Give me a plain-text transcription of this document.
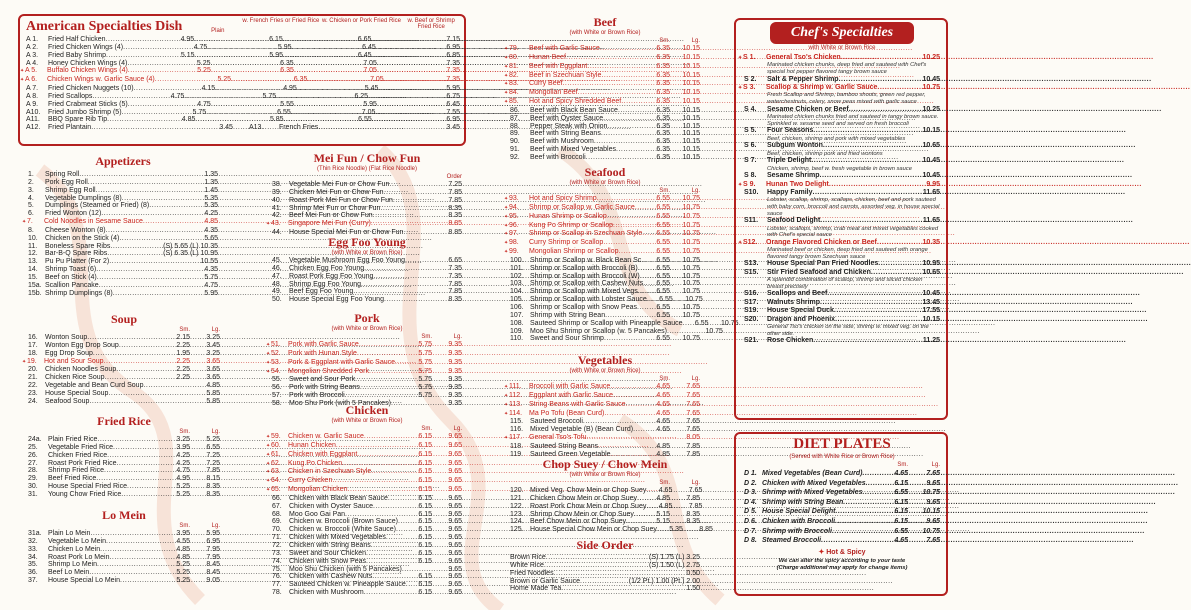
American Specialties Dish	Plain
w. French Fries or Fried Rice w. Chicken or Pork Fried Rice	w. Beef or Shrimp Fried Rice
A 1.	Fried Half Chicken .....	4.95 .....	6.15 .....	6.65 .....	7.15
A 2.	Fried Chicken Wings (4) .....	4.75 .....	5.95 .....	6.45 .....	6.95
A 3.	Fried Baby Shrimp .....	5.15 .....	5.95 .....	6.45 .....	6.85
A 4.	Honey Chicken Wings (4) .....	5.25 .....	6.35 .....	7.05 .....	7.35
✦ A 5.	Buffalo Chicken Wings (4) .....	5.25 .....	6.35 .....	7.05 .....	7.35
✦ A 6.	Chicken Wings w. Garlic Sauce (4) .....	5.25 .....	6.35 .....	7.05 .....	7.35
A 7.	Fried Chicken Nuggets (10) .....	4.15 .....	4.95 .....	5.45 .....	5.95
A 8.	Fried Scallops .....	4.75 .....	5.75 .....	6.25 .....	6.75
A 9.	Fried Crabmeat Sticks (5) .....	4.75 .....	5.55 .....	5.95 .....	6.45
A10.	Fried Jumbo Shrimp (5) .....	5.75 .....	6.55 .....	7.05 .....	7.55
A11.	BBQ Spare Rib Tip .....	4.85 .....	5.85 .....	6.55 .....	6.95
A12.	Fried Plantain .....	3.45 A13.	French Fries .....	3.45
Appetizers
1.	Spring Roll .....	1.35
2.	Pork Egg Roll .....	1.35
3.	Shrimp Egg Roll .....	1.45
4.	Vegetable Dumplings (8) .....	5.35
5.	Dumplings (Steamed or Fried) (8) .....	5.35
6.	Fried Wonton (12) .....	4.25
✦ 7.	Cold Noodles in Sesame Sauce .....	4.85
8.	Cheese Wonton (8) .....	4.35
10.	Chicken on the Stick (4) .....	5.65
11.	Boneless Spare Ribs .....	(S) 5.65 (L) 10.35
12.	Bar-B-Q Spare Ribs .....	(S) 6.35 (L) 10.95
13.	Pu Pu Platter (For 2) .....	10.55
14.	Shrimp Toast (6) .....	4.35
15.	Beef on Stick (4) .....	5.75
15a. Scallion Pancake .....	4.75
15b. Shrimp Dumplings (8) .....	5.95
Soup
Sm.	Lg.
16.	Wonton Soup .....	2.15	3.25
17.	Wonton Egg Drop Soup .....	2.25	3.45
18.	Egg Drop Soup .....	1.95	3.25
✦ 19.	Hot and Sour Soup .....	2.25	3.65
20.	Chicken Noodles Soup .....	2.25	3.65
21.	Chicken Rice Soup .....	2.25	3.65
22.	Vegetable and Bean Curd Soup .....	4.85
23.	House Special Soup .....	5.85
24.	Seafood Soup .....	5.85
Fried Rice
Sm.	Lg.
24a. Plain Fried Rice .....	3.25	5.25
25.	Vegetable Fried Rice .....	3.95	6.55
26.	Chicken Fried Rice .....	4.25	7.25
27.	Roast Pork Fried Rice .....	4.25	7.25
28.	Shrimp Fried Rice .....	4.75	7.85
29.	Beef Fried Rice .....	4.95	8.15
30.	House Special Fried Rice .....	5.25	8.35
31.	Young Chow Fried Rice .....	5.25	8.35
Lo Mein
Sm.	Lg.
31a. Plain Lo Mein .....	3.95	5.95
32.	Vegetable Lo Mein .....	4.55	6.95
33.	Chicken Lo Mein .....	4.85	7.95
34.	Roast Pork Lo Mein .....	4.85	7.95
35.	Shrimp Lo Mein .....	5.25	8.45
36.	Beef Lo Mein .....	5.25	8.45
37.	House Special Lo Mein .....	5.25	9.05
Mei Fun / Chow Fun
(Thin Rice Noodle) (Flat Rice Noodle)
Order
38.	Vegetable Mei Fun or Chow Fun .....	7.25
39.	Chicken Mei Fun or Chow Fun .....	7.85
40.	Roast Pork Mei Fun or Chow Fun .....	7.85
41.	Shrimp Mei Fun or Chow Fun .....	8.35
42.	Beef Mei Fun or Chow Fun .....	8.35
✦ 43.	Singapore Mei Fun (Curry) .....	8.85
44.	House Special Mei Fun or Chow Fun .....	8.85
Egg Foo Young
(with White or Brown Rice)
45.	Vegetable Mushroom Egg Foo Young .....	6.65
46.	Chicken Egg Foo Young .....	7.35
47.	Roast Pork Egg Foo Young .....	7.35
48.	Shrimp Egg Foo Young .....	7.85
49.	Beef Egg Foo Young .....	7.85
50.	House Special Egg Foo Young .....	8.35
Pork
(with White or Brown Rice)
Sm.	Lg.
✦ 51.	Pork with Garlic Sauce .....	5.75	9.35
✦ 52.	Pork with Hunan Style .....	5.75	9.35
✦ 53.	Pork & Eggplant with Garlic Sauce .....	5.75	9.35
✦ 54.	Mongolian Shredded Pork .....	5.75	9.35
55.	Sweet and Sour Pork .....	5.75	9.35
56.	Pork with String Beans .....	5.75	9.35
57.	Pork with Broccoli .....	5.75	9.35
58.	Moo Shu Pork (with 5 Pancakes) .....	9.35
Chicken
(with White or Brown Rice)
Sm.	Lg.
✦ 59.	Chicken w. Garlic Sauce .....	6.15	9.65
✦ 60.	Hunan Chicken .....	6.15	9.65
✦ 61.	Chicken with Eggplant .....	6.15	9.65
✦ 62.	Kung Po Chicken .....	6.15	9.65
✦ 63.	Chicken in Szechuan Style .....	6.15	9.65
✦ 64.	Curry Chicken .....	6.15	9.65
✦ 65.	Mongolian Chicken .....	6.15	9.65
66.	Chicken with Black Bean Sauce .....	6.15	9.65
67.	Chicken with Oyster Sauce .....	6.15	9.65
68.	Moo Goo Gai Pan .....	6.15	9.65
69.	Chicken w. Broccoli (Brown Sauce) .....	6.15	9.65
70.	Chicken w. Broccoli (White Sauce) .....	6.15	9.65
71.	Chicken with Mixed Vegetables .....	6.15	9.65
72.	Chicken with String Beans .....	6.15	9.65
73.	Sweet and Sour Chicken .....	6.15	9.65
74.	Chicken with Snow Peas .....	6.15	9.65
75.	Moo Shu Chicken (with 5 Pancakes) .....	9.65
76.	Chicken with Cashew Nuts .....	6.15	9.65
77.	Sauteed Chicken w. Pineapple Sauce .....	6.15	9.65
78.	Chicken with Mushroom .....	6.15	9.65
Beef
(with White or Brown Rice)
Sm.	Lg.
✦ 79.	Beef with Garlic Sauce .....	6.35	10.15
✦ 80.	Hunan Beef .....	6.35	10.15
✦ 81.	Beef with Eggplant .....	6.35	10.15
✦ 82.	Beef in Szechuan Style .....	6.35	10.15
✦ 83.	Curry Beef .....	6.35	10.15
✦ 84.	Mongolian Beef .....	6.35	10.15
✦ 85.	Hot and Spicy Shredded Beef .....	6.35	10.15
86.	Beef with Black Bean Sauce .....	6.35	10.15
87.	Beef with Oyster Sauce .....	6.35	10.15
88.	Pepper Steak with Onion .....	6.35	10.15
89.	Beef with String Beans .....	6.35	10.15
90.	Beef with Mushroom .....	6.35	10.15
91.	Beef with Mixed Vegetables .....	6.35	10.15
92.	Beef with Broccoli .....	6.35	10.15
Seafood
(with White or Brown Rice)
Sm.	Lg.
✦ 93.	Hot and Spicy Shrimp .....	6.55	10.75
✦ 94.	Shrimp or Scallop w. Garlic Sauce .....	6.55	10.75
✦ 95.	Hunan Shrimp or Scallop .....	6.55	10.75
✦ 96.	Kung Po Shrimp or Scallop .....	6.55	10.75
✦ 97.	Shrimp or Scallop in Szechuan Style .....	6.55	10.75
✦ 98.	Curry Shrimp or Scallop .....	6.55	10.75
✦ 99.	Mongolian Shrimp or Scallop .....	6.55	10.75
100. Shrimp or Scallop w. Black Bean Sc. .....	6.55	10.75
101. Shrimp or Scallop with Broccoli (B) .....	6.55	10.75
102. Shrimp or Scallop with Broccoli (W) .....	6.55	10.75
103. Shrimp or Scallop with Cashew Nuts .....	6.55	10.75
104. Shrimp or Scallop with Mixed Vegs .....	6.55	10.75
105. Shrimp or Scallop with Lobster Sauce .....	6.55	10.75
106. Shrimp or Scallop with Snow Peas .....	6.55	10.75
107. Shrimp with String Bean .....	6.55	10.75
108. Sauteed Shrimp or Scallop with Pineapple Sauce .....	6.55	10.75
109. Moo Shu Shrimp or Scallop (w. 5 Pancakes) .....	10.75
110. Sweet and Sour Shrimp .....	6.55	10.75
Vegetables
(with White or Brown Rice)
Sm.	Lg.
✦ 111.	Broccoli with Garlic Sauce .....	4.65	7.65
✦ 112. Eggplant with Garlic Sauce .....	4.65	7.65
✦ 113. String Beans with Garlic Sauce .....	4.65	7.65
✦ 114. Ma Po Tofu (Bean Curd) .....	4.65	7.65
115. Sauteed Broccoli .....	4.65	7.65
116. Mixed Vegetable (B) (Bean Curd) .....	4.65	7.65
✦ 117. General Tso's Tofu .....	8.05
118. Sauteed String Beans .....	4.85	7.85
119. Sauteed Green Vegetable .....	4.85	7.85
Chop Suey / Chow Mein
(with White or Brown Rice)
Sm.	Lg.
120. Mixed Veg. Chow Mein or Chop Suey .....	4.65	7.65
121. Chicken Chow Mein or Chop Suey .....	4.85	7.85
122. Roast Pork Chow Mein or Chop Suey .....	4.85	7.85
123. Shrimp Chow Mein or Chop Suey .....	5.15	8.35
124. Beef Chow Mein or Chop Suey .....	5.15	8.35
125. House Special Chow Mein or Chop Suey .....	5.35	8.85
Side Order
Brown Rice .....	(S) 1.75 (L) 3.25
White Rice .....	(S) 1.50 (L) 2.75
Fried Noodles .....	0.50
Brown or Garlic Sauce .....	(1/2 Pt.) 1.00 (Pt.) 2.00
Home Made Tea .....	1.50
Chef's Specialties
with White or Brown Rice
✦ S 1.	General Tso's Chicken .....	10.25
Marinated chicken chunks, deep fried and sauteed with Chef's special hot pepper flavored tangy brown sauce
S 2.	Salt & Pepper Shrimp .....	10.45
✦ S 3.	Scallop & Shrimp w. Garlic Sauce .....	10.75
Fresh Scallop and Shrimp, bamboo shoots, green red pepper, waterchestnuts, celery, snow peas mixed with garlic sauce
S 4.	Sesame Chicken or Beef .....	10.25
Marinated chicken chunks fried and sauteed in tangy brown sauce. Sprinkled w. sesame seed and served on fresh broccoli
S 5.	Four Seasons .....	10.15
Beef, chicken, shrimp and pork with mixed vegetables
S 6.	Subgum Wonton .....	10.65
Beef, chicken, shrimp pork and fried wontons
S 7.	Triple Delight .....	10.45
Chicken, shrimp, beef w. fresh vegetable in brown sauce
S 8.	Sesame Shrimp .....	10.45
✦ S 9.	Hunan Two Delight .....	9.95
S10.	Happy Family .....	11.65
Lobster, scallop, shrimp, scallops, chicken, beef and pork sauteed with baby corn, broccoli and carrots, assorted veg. in house special sauce
S11.	Seafood Delight .....	11.65
Lobster, scallops, shrimp, crab meat and mixed vegetables cooked with Chef's special sauce
✦ S12.	Orange Flavored Chicken or Beef .....	10.35
Marinated beef or chicken, deep fried and sauteed with orange flavored tangy brown Szechuan sauce
S13.	House Special Pan Fried Noodles .....	10.95
S15.	Stir Fried Seafood and Chicken .....	10.65
A splendid combination of scallop, shrimp and sliced chicken breast precisely
S16.	Scallops and Beef .....	10.45
S17.	Walnuts Shrimp .....	13.45
S19.	House Special Duck .....	17.55
S20.	Dragon and Phoenix .....	10.15
General Tso's chicken on the side, shrimp w. mixed veg. on the other side.
S21.	Rose Chicken .....	11.25
DIET PLATES
(Served with White Rice or Brown Rice)
Sm.	Lg.
D 1. Mixed Vegetables (Bean Curd) .....	4.65	7.65
D 2. Chicken with Mixed Vegetables .....	6.15	9.65
D 3. Shrimp with Mixed Vegetables .....	6.55	10.75
D 4. Shrimp with String Bean .....	6.15	9.65
D 5. House Special Delight .....	6.15	10.15
D 6. Chicken with Broccoli .....	6.15	9.65
D 7. Shrimp with Broccoli .....	6.55	10.75
D 8. Steamed Broccoli .....	4.65	7.65
✦ Hot & Spicy
We can alter the spicy according to your taste
(Charge additional may apply for change items)
